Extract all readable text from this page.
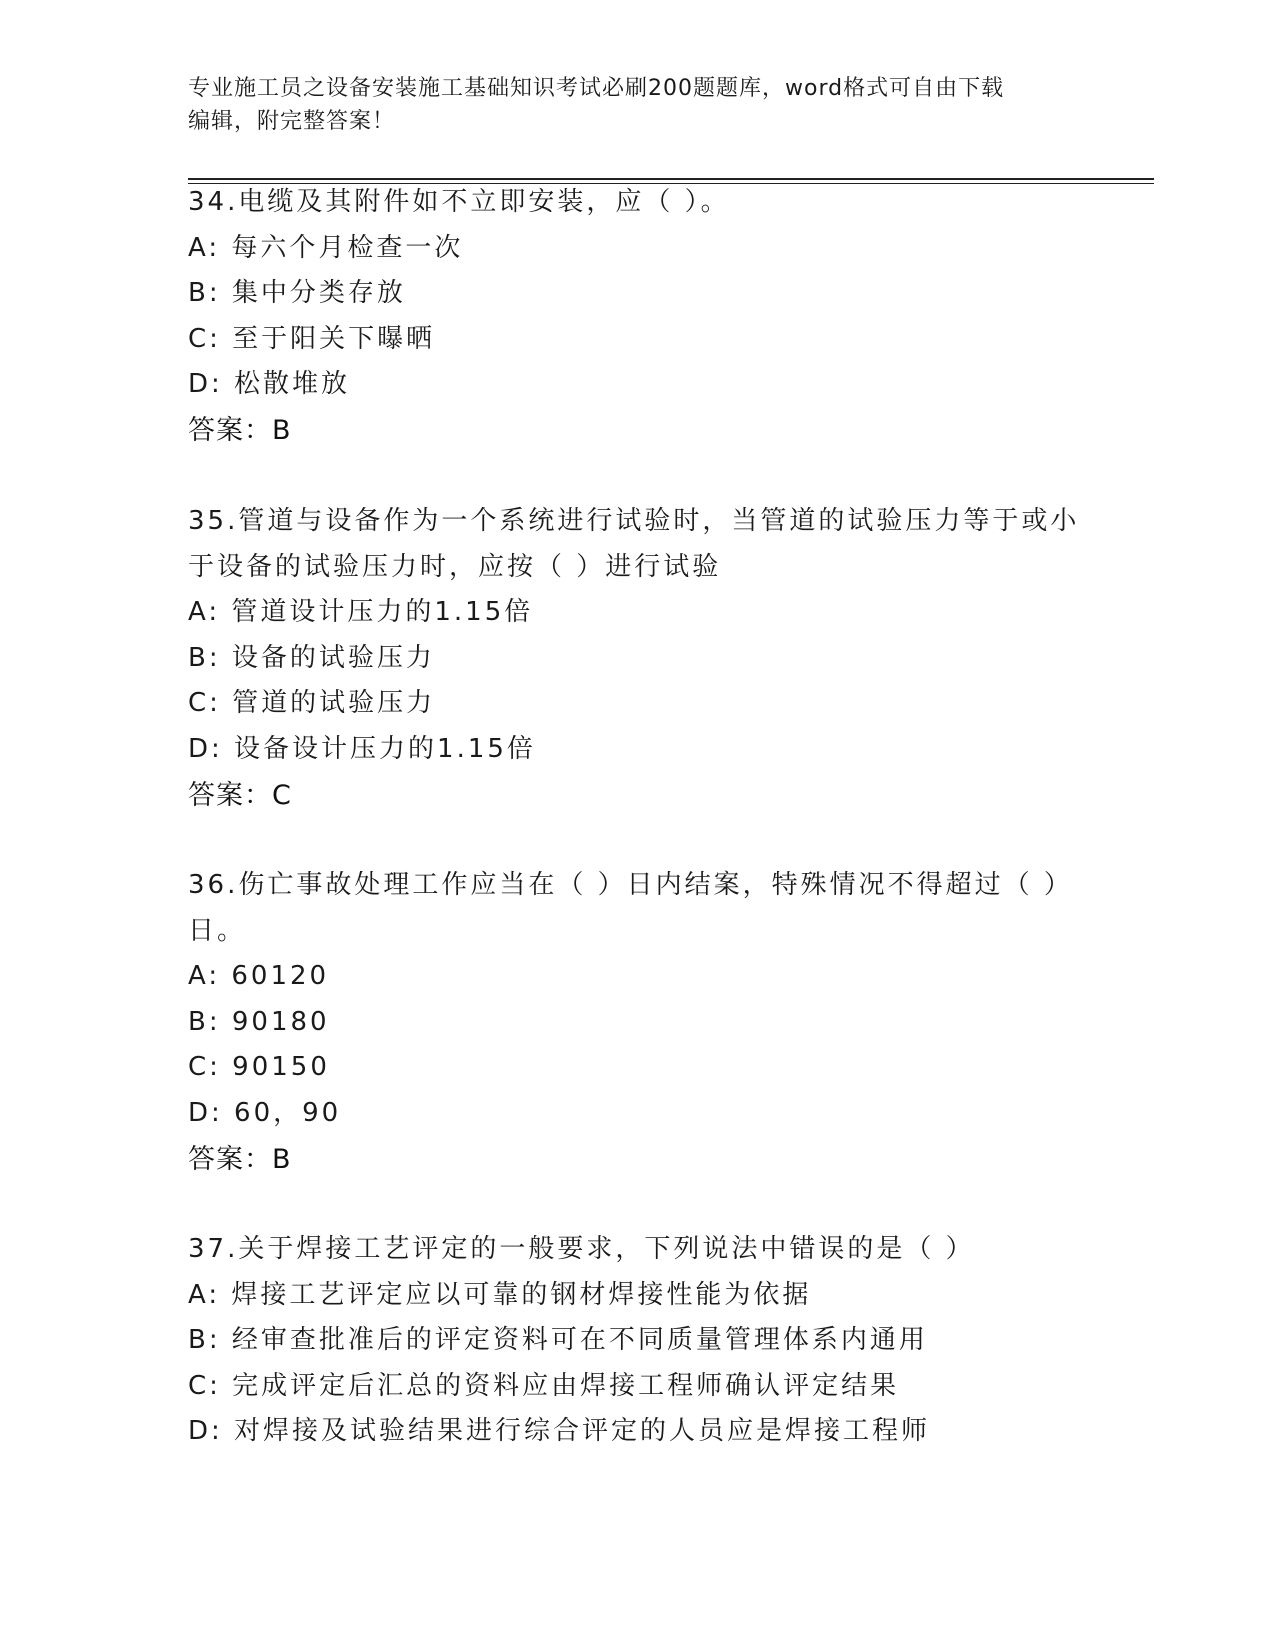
专业施工员之设备安装施工基础知识考试必刷200题题库，word格式可自由下载
编辑，附完整答案！
34.电缆及其附件如不立即安装，应（ ）。
A: 每六个月检查一次
B: 集中分类存放
C: 至于阳关下曝晒
D: 松散堆放
答案：B
35.管道与设备作为一个系统进行试验时，当管道的试验压力等于或小
于设备的试验压力时，应按（ ）进行试验
A: 管道设计压力的1.15倍
B: 设备的试验压力
C: 管道的试验压力
D: 设备设计压力的1.15倍
答案：C
36.伤亡事故处理工作应当在（ ）日内结案，特殊情况不得超过（ ）
日。
A: 60120
B: 90180
C: 90150
D: 60，90
答案：B
37.关于焊接工艺评定的一般要求，下列说法中错误的是（ ）
A: 焊接工艺评定应以可靠的钢材焊接性能为依据
B: 经审查批准后的评定资料可在不同质量管理体系内通用
C: 完成评定后汇总的资料应由焊接工程师确认评定结果
D: 对焊接及试验结果进行综合评定的人员应是焊接工程师
